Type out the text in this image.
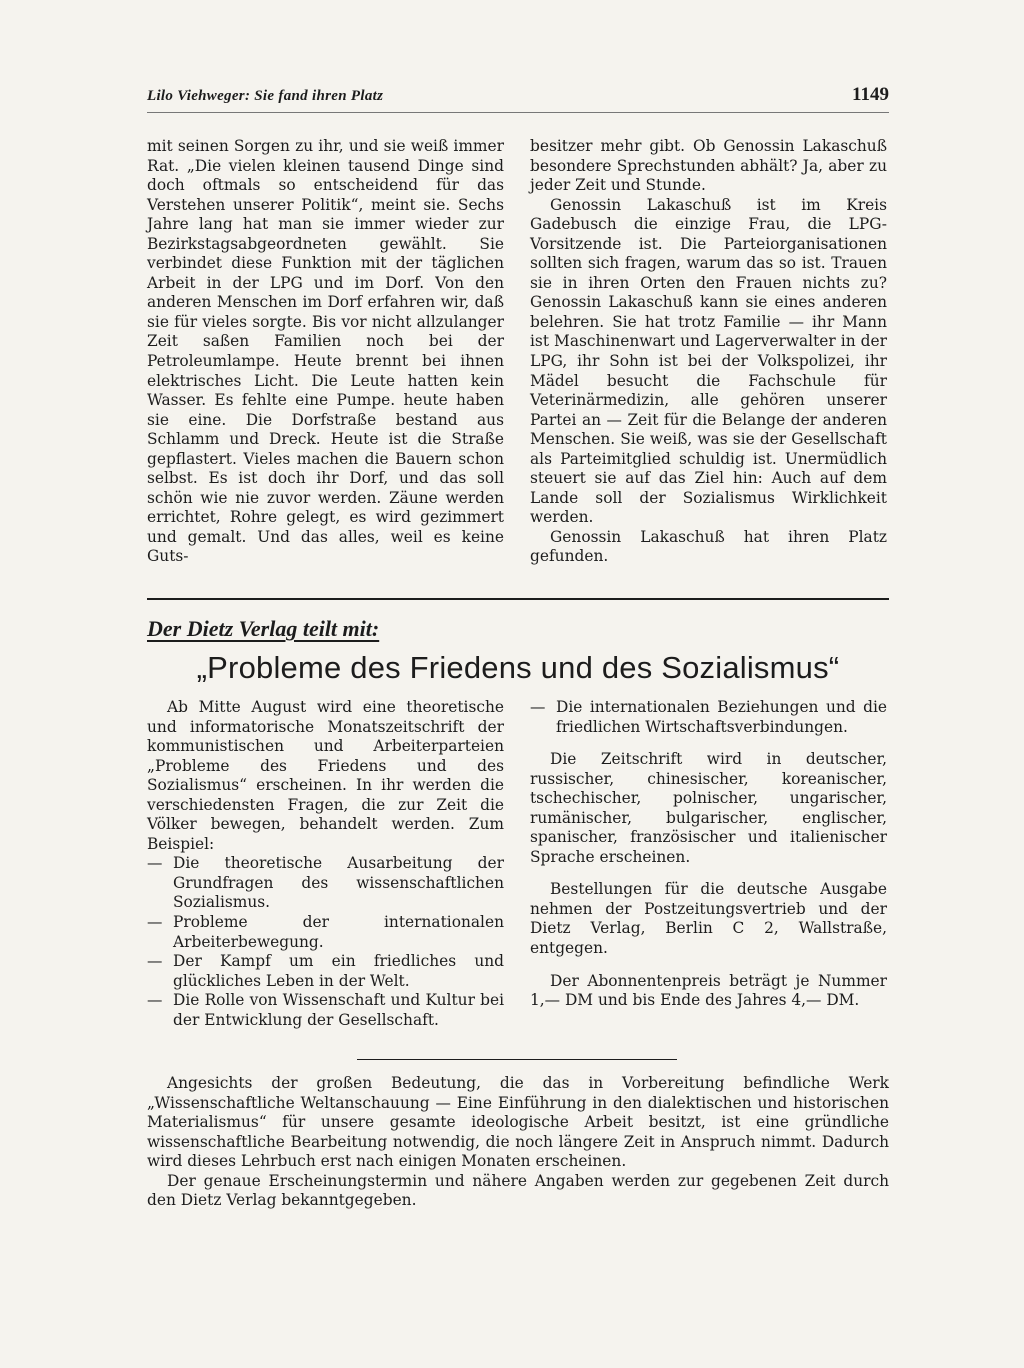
Lilo Viehweger: Sie fand ihren Platz	1149

mit seinen Sorgen zu ihr, und sie weiß immer Rat. „Die vielen kleinen tausend Dinge sind doch oftmals so entscheidend für das Verstehen unserer Politik“, meint sie. Sechs Jahre lang hat man sie immer wieder zur Bezirkstagsabgeordneten gewählt. Sie verbindet diese Funktion mit der täglichen Arbeit in der LPG und im Dorf. Von den anderen Menschen im Dorf erfahren wir, daß sie für vieles sorgte. Bis vor nicht allzulanger Zeit saßen Familien noch bei der Petroleumlampe. Heute brennt bei ihnen elektrisches Licht. Die Leute hatten kein Wasser. Es fehlte eine Pumpe. heute haben sie eine. Die Dorfstraße bestand aus Schlamm und Dreck. Heute ist die Straße gepflastert. Vieles machen die Bauern schon selbst. Es ist doch ihr Dorf, und das soll schön wie nie zuvor werden. Zäune werden errichtet, Rohre gelegt, es wird gezimmert und gemalt. Und das alles, weil es keine Guts-

besitzer mehr gibt. Ob Genossin Lakaschuß besondere Sprechstunden abhält? Ja, aber zu jeder Zeit und Stunde.

Genossin Lakaschuß ist im Kreis Gadebusch die einzige Frau, die LPG-Vorsitzende ist. Die Parteiorganisationen sollten sich fragen, warum das so ist. Trauen sie in ihren Orten den Frauen nichts zu? Genossin Lakaschuß kann sie eines anderen belehren. Sie hat trotz Familie — ihr Mann ist Maschinenwart und Lagerverwalter in der LPG, ihr Sohn ist bei der Volkspolizei, ihr Mädel besucht die Fachschule für Veterinärmedizin, alle gehören unserer Partei an — Zeit für die Belange der anderen Menschen. Sie weiß, was sie der Gesellschaft als Parteimitglied schuldig ist. Unermüdlich steuert sie auf das Ziel hin: Auch auf dem Lande soll der Sozialismus Wirklichkeit werden.

Genossin Lakaschuß hat ihren Platz gefunden.

Der Dietz Verlag teilt mit:
„Probleme des Friedens und des Sozialismus“

Ab Mitte August wird eine theoretische und informatorische Monatszeitschrift der kommunistischen und Arbeiterparteien „Probleme des Friedens und des Sozialismus“ erscheinen. In ihr werden die verschiedensten Fragen, die zur Zeit die Völker bewegen, behandelt werden. Zum Beispiel:

— Die theoretische Ausarbeitung der Grundfragen des wissenschaftlichen Sozialismus.
— Probleme der internationalen Arbeiterbewegung.
— Der Kampf um ein friedliches und glückliches Leben in der Welt.
— Die Rolle von Wissenschaft und Kultur bei der Entwicklung der Gesellschaft.
— Die internationalen Beziehungen und die friedlichen Wirtschaftsverbindungen.

Die Zeitschrift wird in deutscher, russischer, chinesischer, koreanischer, tschechischer, polnischer, ungarischer, rumänischer, bulgarischer, englischer, spanischer, französischer und italienischer Sprache erscheinen.

Bestellungen für die deutsche Ausgabe nehmen der Postzeitungsvertrieb und der Dietz Verlag, Berlin C 2, Wallstraße, entgegen.

Der Abonnentenpreis beträgt je Nummer 1,— DM und bis Ende des Jahres 4,— DM.

Angesichts der großen Bedeutung, die das in Vorbereitung befindliche Werk „Wissenschaftliche Weltanschauung — Eine Einführung in den dialektischen und historischen Materialismus“ für unsere gesamte ideologische Arbeit besitzt, ist eine gründliche wissenschaftliche Bearbeitung notwendig, die noch längere Zeit in Anspruch nimmt. Dadurch wird dieses Lehrbuch erst nach einigen Monaten erscheinen.

Der genaue Erscheinungstermin und nähere Angaben werden zur gegebenen Zeit durch den Dietz Verlag bekanntgegeben.
